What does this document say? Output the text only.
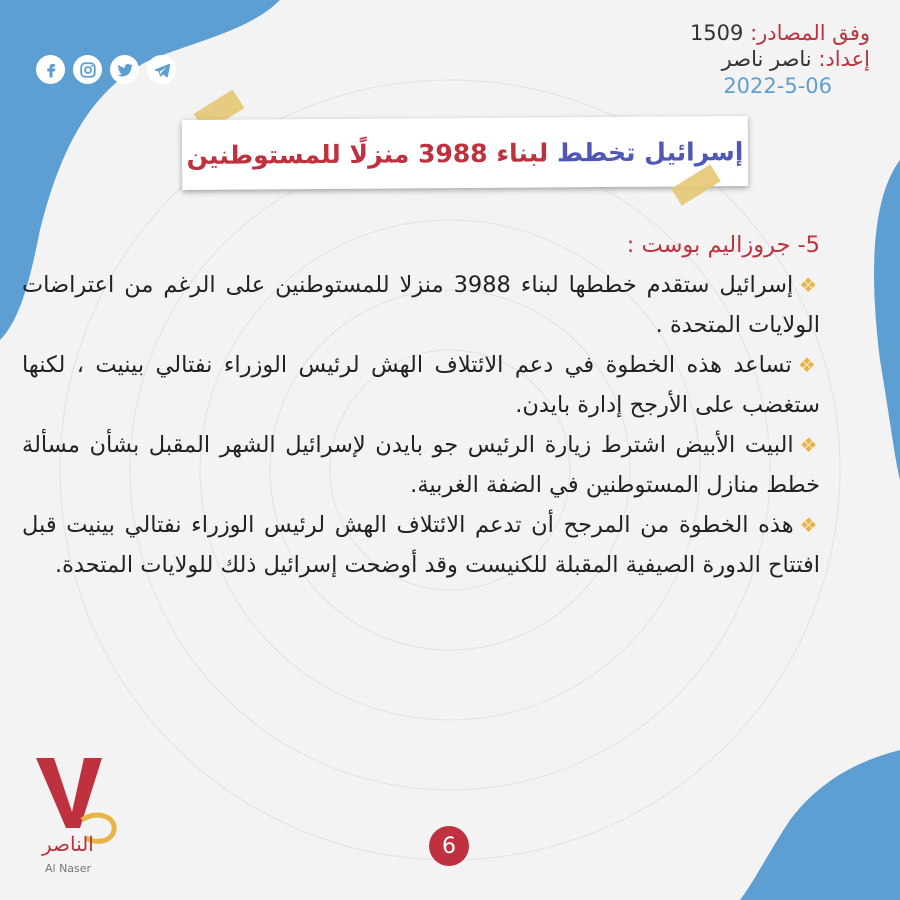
وفق المصادر: 1509
إعداد: ناصر ناصر
2022-5-06
إسرائيل تخطط لبناء 3988 منزلًا للمستوطنين
5- جروزاليم بوست :

❖إسرائيل ستقدم خططها لبناء 3988 منزلا للمستوطنين على الرغم من اعتراضات الولايات المتحدة .

❖تساعد هذه الخطوة في دعم الائتلاف الهش لرئيس الوزراء نفتالي بينيت ، لكنها ستغضب على الأرجح إدارة بايدن.

❖البيت الأبيض اشترط زيارة الرئيس جو بايدن لإسرائيل الشهر المقبل بشأن مسألة خطط منازل المستوطنين في الضفة الغربية.

❖هذه الخطوة من المرجح أن تدعم الائتلاف الهش لرئيس الوزراء نفتالي بينيت قبل افتتاح الدورة الصيفية المقبلة للكنيست وقد أوضحت إسرائيل ذلك للولايات المتحدة.

الناصر
Al Naser
6
